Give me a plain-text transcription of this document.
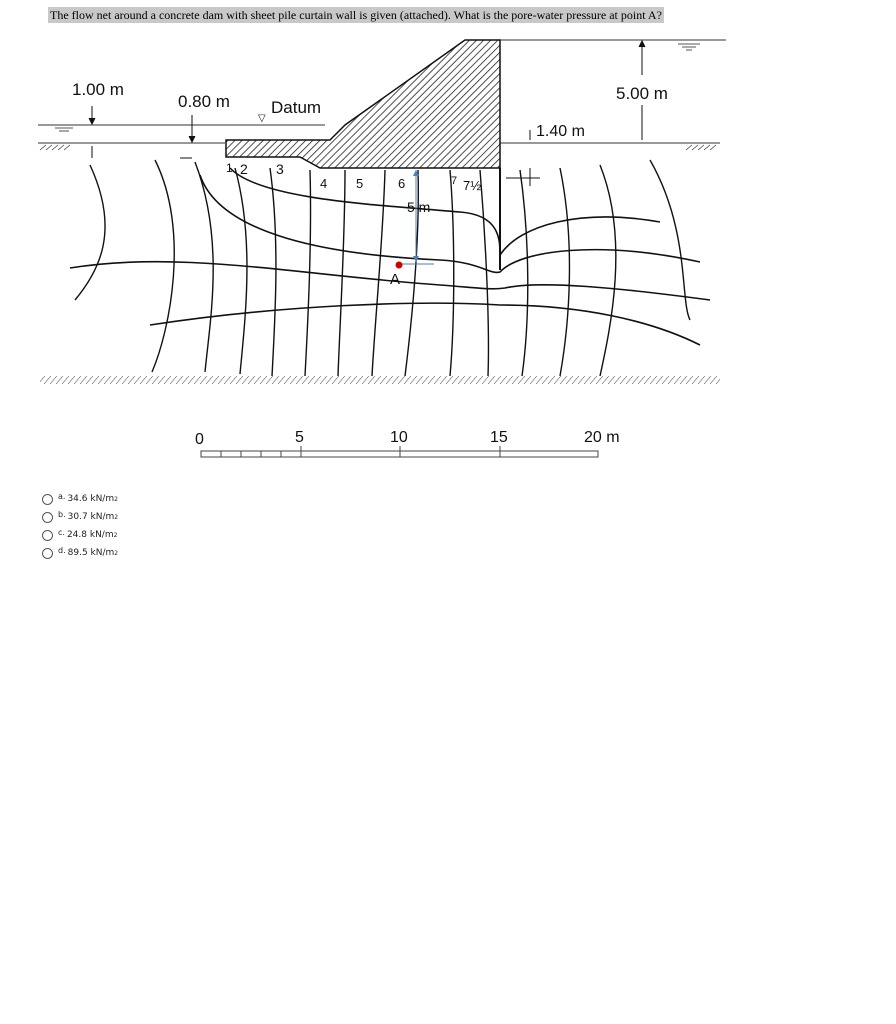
The flow net around a concrete dam with sheet pile curtain wall is given (attached). What is the pore-water pressure at point A?
1.00 m
0.80 m Datum
▽
5.00 m
1.40 m
5 m
A
1 2 3
4 5	6	7 7½
0	5	10	15	20 m
a. 34.6 kN/m 2
b. 30.7 kN/m 2
c. 24.8 kN/m 2
d. 89.5 kN/m 2
